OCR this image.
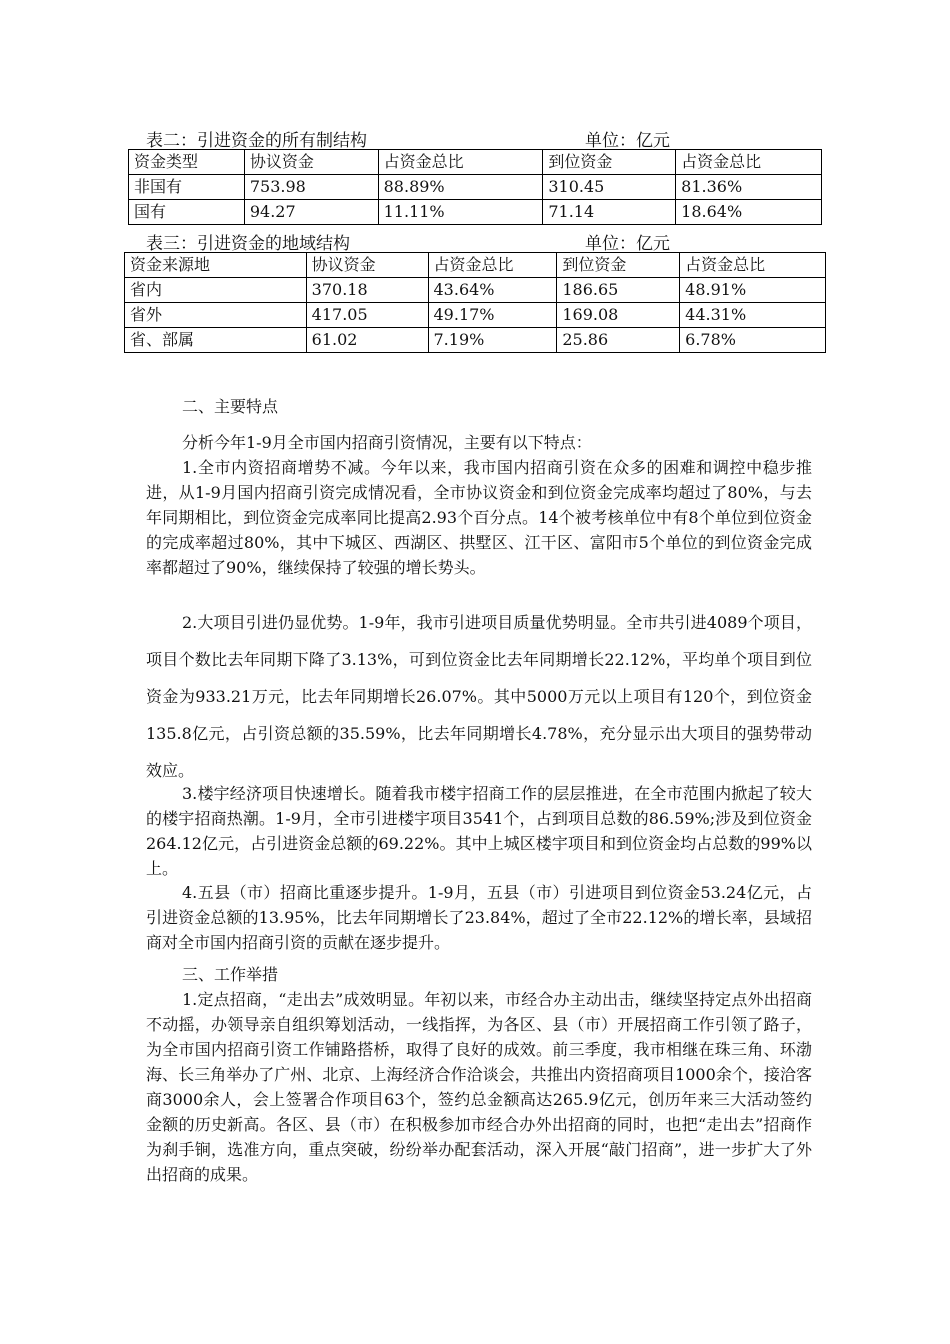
表二：引进资金的所有制结构	单位：亿元
资金类型	协议资金	占资金总比	到位资金	占资金总比
非国有	753.98	88.89%	310.45	81.36%
国有	94.27	11.11%	71.14	18.64%
表三：引进资金的地域结构	单位：亿元
资金来源地	协议资金	占资金总比	到位资金	占资金总比
省内	370.18	43.64%	186.65	48.91%
省外	417.05	49.17%	169.08	44.31%
省、部属	61.02	7.19%	25.86	6.78%
二、主要特点
分析今年1-9月全市国内招商引资情况，主要有以下特点：
1.全市内资招商增势不减。今年以来，我市国内招商引资在众多的困难和调控中稳步推进，从1-9月国内招商引资完成情况看，全市协议资金和到位资金完成率均超过了80%，与去年同期相比，到位资金完成率同比提高2.93个百分点。14个被考核单位中有8个单位到位资金的完成率超过80%，其中下城区、西湖区、拱墅区、江干区、富阳市5个单位的到位资金完成率都超过了90%，继续保持了较强的增长势头。
2.大项目引进仍显优势。1-9年，我市引进项目质量优势明显。全市共引进4089个项目，项目个数比去年同期下降了3.13%，可到位资金比去年同期增长22.12%，平均单个项目到位资金为933.21万元，比去年同期增长26.07%。其中5000万元以上项目有120个，到位资金135.8亿元，占引资总额的35.59%，比去年同期增长4.78%，充分显示出大项目的强势带动效应。
3.楼宇经济项目快速增长。随着我市楼宇招商工作的层层推进，在全市范围内掀起了较大的楼宇招商热潮。1-9月，全市引进楼宇项目3541个，占到项目总数的86.59%;涉及到位资金264.12亿元，占引进资金总额的69.22%。其中上城区楼宇项目和到位资金均占总数的99%以上。
4.五县（市）招商比重逐步提升。1-9月，五县（市）引进项目到位资金53.24亿元，占引进资金总额的13.95%，比去年同期增长了23.84%，超过了全市22.12%的增长率，县域招商对全市国内招商引资的贡献在逐步提升。
三、工作举措
1.定点招商，“走出去”成效明显。年初以来，市经合办主动出击，继续坚持定点外出招商不动摇，办领导亲自组织筹划活动，一线指挥，为各区、县（市）开展招商工作引领了路子，为全市国内招商引资工作铺路搭桥，取得了良好的成效。前三季度，我市相继在珠三角、环渤海、长三角举办了广州、北京、上海经济合作洽谈会，共推出内资招商项目1000余个，接洽客商3000余人，会上签署合作项目63个，签约总金额高达265.9亿元，创历年来三大活动签约金额的历史新高。各区、县（市）在积极参加市经合办外出招商的同时，也把“走出去”招商作为刹手锏，选准方向，重点突破，纷纷举办配套活动，深入开展“敲门招商”，进一步扩大了外出招商的成果。
